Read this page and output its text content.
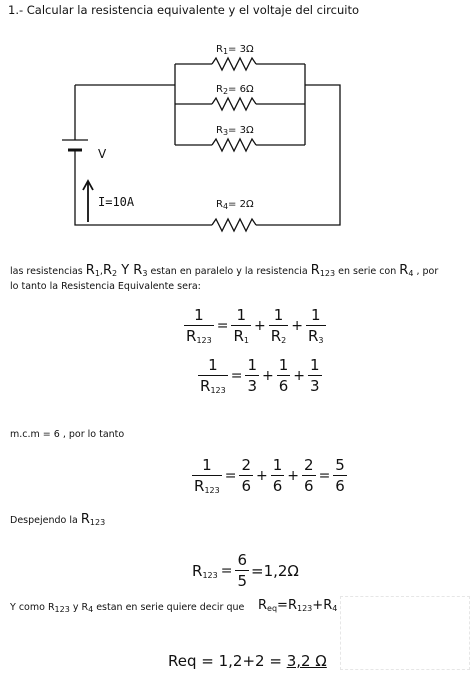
1.- Calcular la resistencia equivalente y el voltaje del circuito
$R_1= 3\Omega$
$R_2= 6\Omega$
$R_3= 3\Omega$
$R_4= 2\Omega$
V
I=10A
las resistencias $R_1,R_2$ Y $R_3$ estan en paralelo y la resistencia $R_{123}$ en serie con $R_4$ , por
lo tanto la Resistencia Equivalente sera:
$\frac{1}{R_{123}} = \frac{1}{R_1} + \frac{1}{R_2} + \frac{1}{R_3}$
$\frac{1}{R_{123}} = \frac{1}{3} + \frac{1}{6} + \frac{1}{3}$
m.c.m = 6 , por lo tanto
$\frac{1}{R_{123}} = \frac{2}{6} + \frac{1}{6} + \frac{2}{6} = \frac{5}{6}$
Despejendo la $R_{123}$
$R_{123} = \frac{6}{5} =1,2\Omega$
Y como $R_{123}$ y $R_4$ estan en serie quiere decir que $R_{eq}=R_{123}+R_4$
Req = 1,2+2 = 3,2 Ω
